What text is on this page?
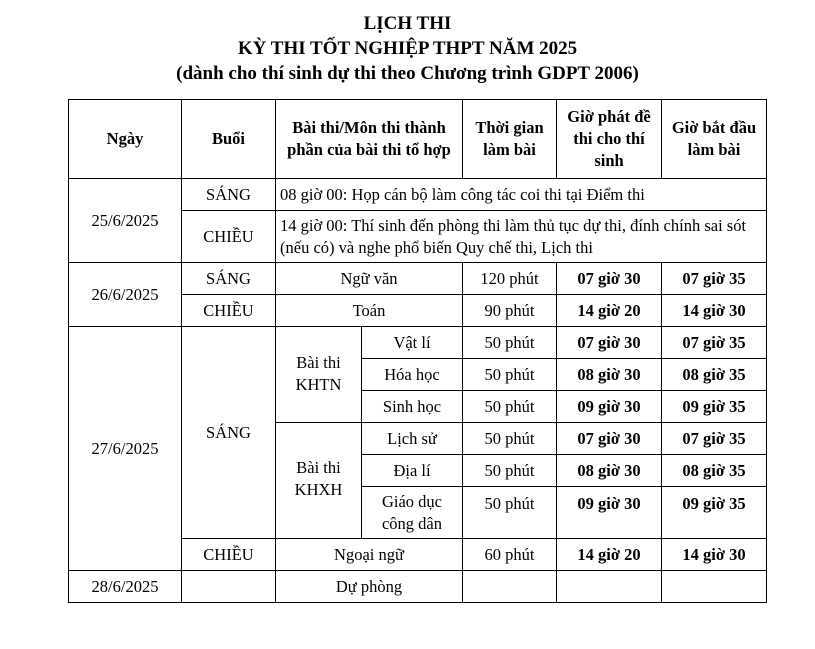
LỊCH THI
KỲ THI TỐT NGHIỆP THPT NĂM 2025
(dành cho thí sinh dự thi theo Chương trình GDPT 2006)
Ngày	Buổi	Bài thi/Môn thi thành phần của bài thi tổ hợp		Thời gian làm bài	Giờ phát đề thi cho thí sinh	Giờ bắt đầu làm bài
25/6/2025	SÁNG	08 giờ 00: Họp cán bộ làm công tác coi thi tại Điểm thi				
	CHIỀU	14 giờ 00: Thí sinh đến phòng thi làm thủ tục dự thi, đính chính sai sót (nếu có) và nghe phổ biến Quy chế thi, Lịch thi				
26/6/2025	SÁNG	Ngữ văn		120 phút	07 giờ 30	07 giờ 35
	CHIỀU	Toán		90 phút	14 giờ 20	14 giờ 30
27/6/2025	SÁNG	Bài thi KHTN	Vật lí	50 phút	07 giờ 30	07 giờ 35
			Hóa học	50 phút	08 giờ 30	08 giờ 35
			Sinh học	50 phút	09 giờ 30	09 giờ 35
		Bài thi KHXH	Lịch sử	50 phút	07 giờ 30	07 giờ 35
			Địa lí	50 phút	08 giờ 30	08 giờ 35
			Giáo dục công dân	50 phút	09 giờ 30	09 giờ 35
	CHIỀU	Ngoại ngữ		60 phút	14 giờ 20	14 giờ 30
28/6/2025		Dự phòng				
